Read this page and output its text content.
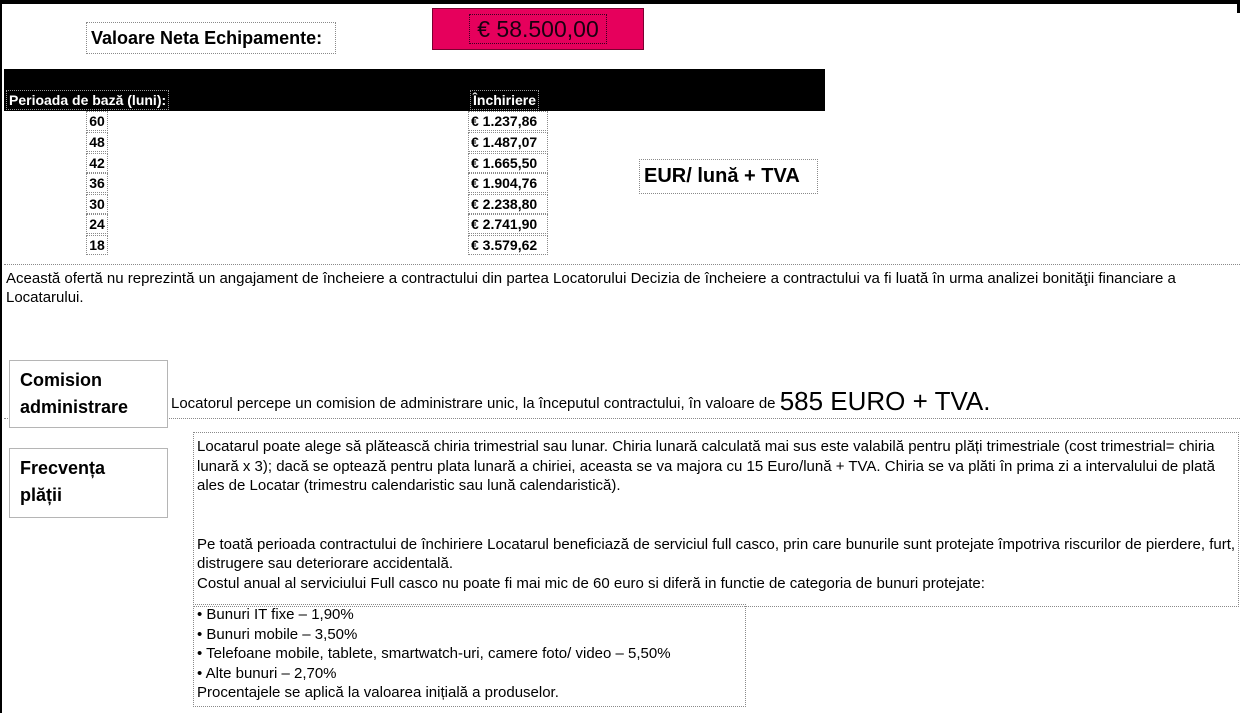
Valoare Neta Echipamente:	€ 58.500,00
Perioada de bază (luni):	Închiriere
60	€ 1.237,86
48	€ 1.487,07
42	€ 1.665,50
36	€ 1.904,76
30	€ 2.238,80
24	€ 2.741,90
18	€ 3.579,62
EUR/ lună + TVA
Această ofertă nu reprezintă un angajament de încheiere a contractului din partea Locatorului Decizia de încheiere a contractului va fi luată în urma analizei bonităţii financiare a Locatarului.
Comision
administrare	Locatorul percepe un comision de administrare unic, la începutul contractului, în valoare de 585 EURO + TVA.
Frecvența
plății
Locatarul poate alege să plătească chiria trimestrial sau lunar. Chiria lunară calculată mai sus este valabilă pentru plăți trimestriale (cost trimestrial= chiria lunară x 3); dacă se optează pentru plata lunară a chiriei, aceasta se va majora cu 15 Euro/lună + TVA. Chiria se va plăti în prima zi a intervalului de plată ales de Locatar (trimestru calendaristic sau lună calendaristică).
Pe toată perioada contractului de închiriere Locatarul beneficiază de serviciul full casco, prin care bunurile sunt protejate împotriva riscurilor de pierdere, furt, distrugere sau deteriorare accidentală.
Costul anual al serviciului Full casco nu poate fi mai mic de 60 euro si diferă in functie de categoria de bunuri protejate:
• Bunuri IT fixe – 1,90%
• Bunuri mobile – 3,50%
• Telefoane mobile, tablete, smartwatch-uri, camere foto/ video – 5,50%
• Alte bunuri – 2,70%
Procentajele se aplică la valoarea inițială a produselor.
